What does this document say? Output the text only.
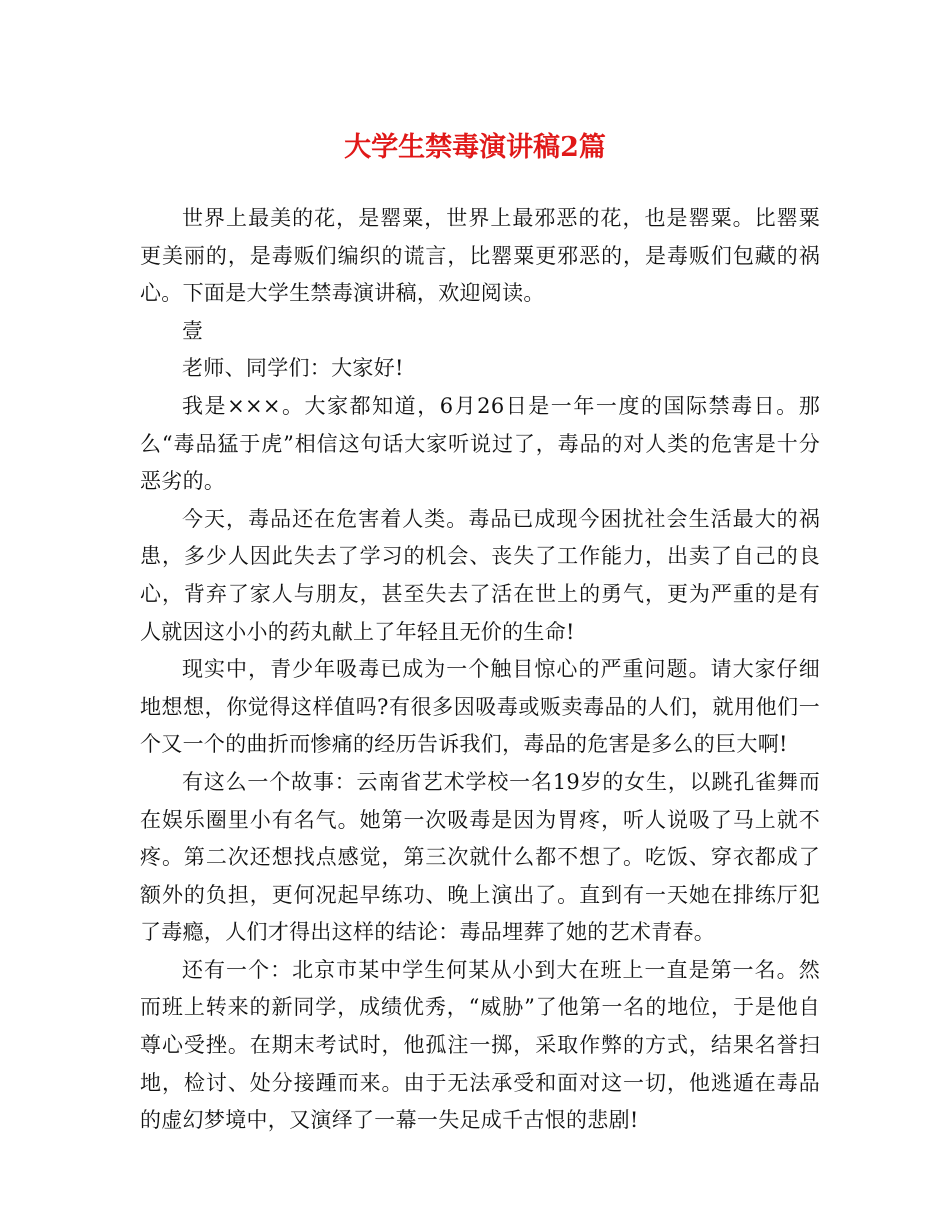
大学生禁毒演讲稿2篇

世界上最美的花，是罂粟，世界上最邪恶的花，也是罂粟。比罂粟更美丽的，是毒贩们编织的谎言，比罂粟更邪恶的，是毒贩们包藏的祸心。下面是大学生禁毒演讲稿，欢迎阅读。

壹

老师、同学们：大家好!

我是×××。大家都知道，6月26日是一年一度的国际禁毒日。那么“毒品猛于虎”相信这句话大家听说过了，毒品的对人类的危害是十分恶劣的。

今天，毒品还在危害着人类。毒品已成现今困扰社会生活最大的祸患，多少人因此失去了学习的机会、丧失了工作能力，出卖了自己的良心，背弃了家人与朋友，甚至失去了活在世上的勇气，更为严重的是有人就因这小小的药丸献上了年轻且无价的生命!

现实中，青少年吸毒已成为一个触目惊心的严重问题。请大家仔细地想想，你觉得这样值吗?有很多因吸毒或贩卖毒品的人们，就用他们一个又一个的曲折而惨痛的经历告诉我们，毒品的危害是多么的巨大啊!

有这么一个故事：云南省艺术学校一名19岁的女生，以跳孔雀舞而在娱乐圈里小有名气。她第一次吸毒是因为胃疼，听人说吸了马上就不疼。第二次还想找点感觉，第三次就什么都不想了。吃饭、穿衣都成了额外的负担，更何况起早练功、晚上演出了。直到有一天她在排练厅犯了毒瘾，人们才得出这样的结论：毒品埋葬了她的艺术青春。

还有一个：北京市某中学生何某从小到大在班上一直是第一名。然而班上转来的新同学，成绩优秀，“威胁”了他第一名的地位，于是他自尊心受挫。在期末考试时，他孤注一掷，采取作弊的方式，结果名誉扫地，检讨、处分接踵而来。由于无法承受和面对这一切，他逃遁在毒品的虚幻梦境中，又演绎了一幕一失足成千古恨的悲剧!
